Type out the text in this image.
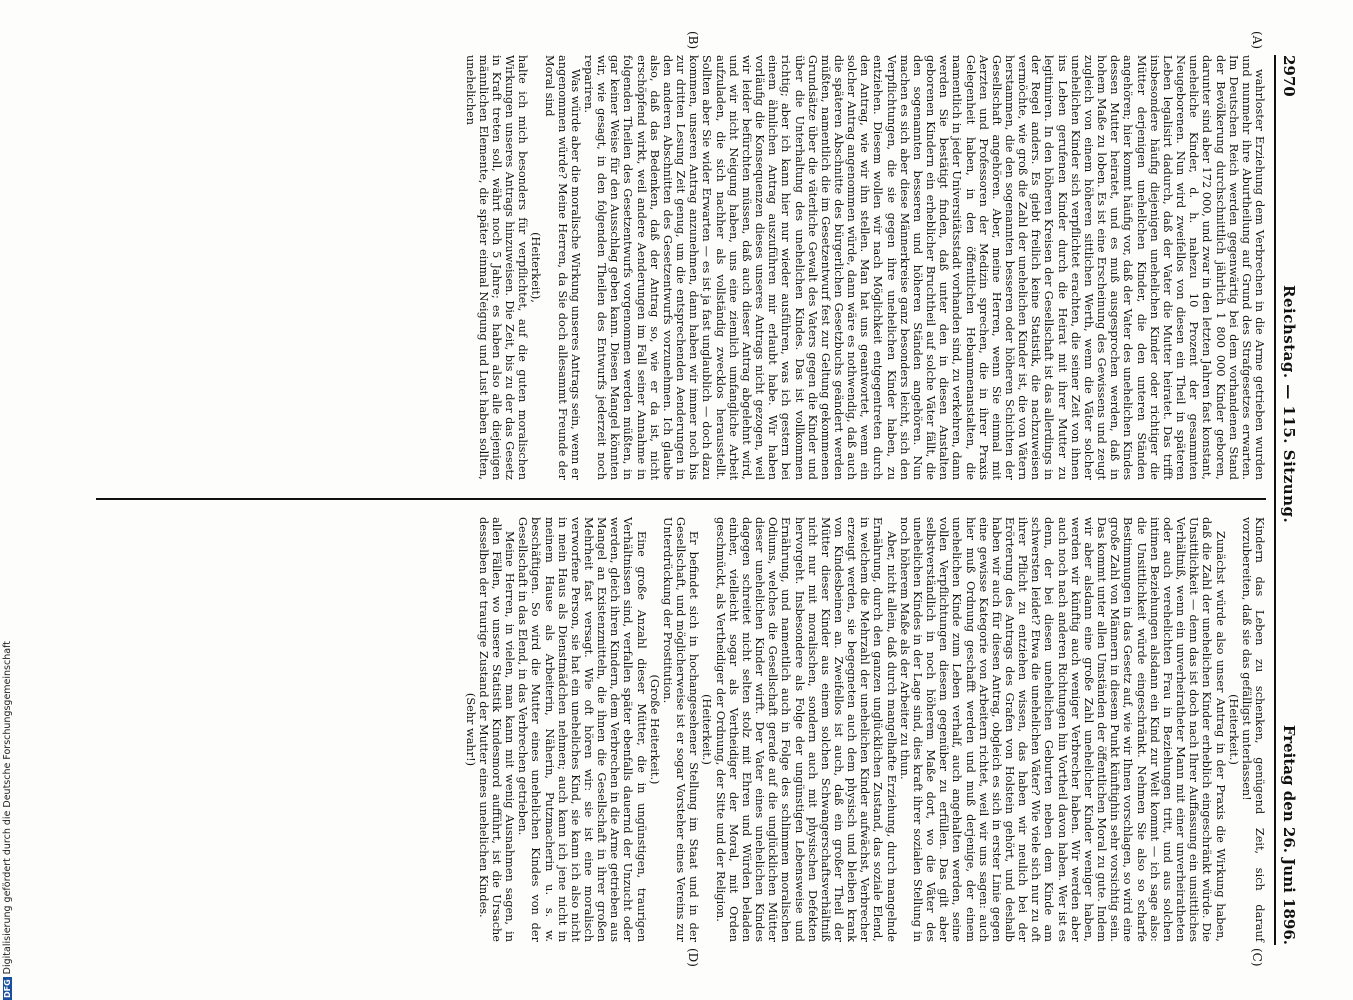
2970
Reichstag. — 115. Sitzung.
Freitag den 26. Juni 1896.
(A)
(B)
(C)
(D)

wahrloster Erziehung dem Verbrechen in die Arme getrieben wurden und nunmehr ihre Aburtheilung auf Grund des Strafgesetzes erwarten. Im Deutschen Reich werden gegenwärtig bei dem vorhandenen Stand der Bevölkerung durchschnittlich jährlich 1 800 000 Kinder geboren, darunter sind aber 172 000, und zwar in den letzten Jahren fast konstant, uneheliche Kinder, d. h. nahezu 10 Prozent der gesammten Neugeborenen. Nun wird zweifellos von diesen ein Theil in späteren Leben legalisirt dadurch, daß der Vater die Mutter heiratet. Das trifft insbesondere häufig diejenigen unehelichen Kinder oder richtiger die Mütter derjenigen unehelichen Kinder, die den unteren Ständen angehören; hier kommt häufig vor, daß der Vater des unehelichen Kindes dessen Mutter heiratet, und es muß ausgesprochen werden, daß in hohem Maße zu loben. Es ist eine Erscheinung des Gewissens und zeugt zugleich von einem höheren sittlichen Werth, wenn die Väter solcher unehelichen Kinder sich verpflichtet erachten, die seiner Zeit von ihnen ins Leben gerufenen Kinder durch die Heirat mit ihrer Mutter zu legitimiren. In den höheren Kreisen der Gesellschaft ist das allerdings in der Regel anders. Es giebt freilich keine Statistik, die nachzuweisen vermöchte, wie groß die Zahl der unehelichen Kinder ist, die von Vätern herstammen, die den sogenannten besseren oder höheren Schichten der Gesellschaft angehören. Aber, meine Herren, wenn Sie einmal mit Aerzten und Professoren der Medizin sprechen, die in ihrer Praxis Gelegenheit haben, in den öffentlichen Hebammenanstalten, die namentlich in jeder Universitätsstadt vorhanden sind, zu verkehren, dann werden Sie bestätigt finden, daß unter den in diesen Anstalten geborenen Kindern ein erheblicher Bruchtheil auf solche Väter fällt, die den sogenannten besseren und höheren Ständen angehören. Nun machen es sich aber diese Männerkreise ganz besonders leicht, sich den Verpflichtungen, die sie gegen ihre unehelichen Kinder haben, zu entziehen. Diesem wollen wir nach Möglichkeit entgegentreten durch den Antrag, wie wir ihn stellen. Man hat uns geantwortet, wenn ein solcher Antrag angenommen würde, dann wäre es nothwendig, daß auch die späteren Abschnitte des bürgerlichen Gesetzbuchs geändert werden müßten, namentlich die im Gesetzentwurf fest zur Geltung gekommenen Grundsätze über die väterliche Gewalt des Vaters gegen die Kinder und über die Unterhaltung des unehelichen Kindes. Das ist vollkommen richtig; aber ich kann hier nur wieder ausführen, was ich gestern bei einem ähnlichen Antrag auszuführen mir erlaubt habe. Wir haben vorläufig die Konsequenzen dieses unseres Antrags nicht gezogen, weil wir leider befürchten müssen, daß auch dieser Antrag abgelehnt wird, und wir nicht Neigung haben, uns eine ziemlich umfangliche Arbeit aufzuladen, die sich nachher als vollständig zwecklos herausstellt. Sollten aber Sie wider Erwarten — es ist ja fast unglaublich — doch dazu kommen, unseren Antrag anzunehmen, dann haben wir immer noch bis zur dritten Lesung Zeit genug, um die entsprechenden Aenderungen in den anderen Abschnitten des Gesetzentwurfs vorzunehmen. Ich glaube also, daß das Bedenken, daß der Antrag so, wie er da ist, nicht erschöpfend wirkt, weil andere Aenderungen im Fall seiner Annahme in folgenden Theilen des Gesetzentwurfs vorgenommen werden müßten, in gar keiner Weise für den Ausschlag geben kann. Diesen Mangel könnten wir, wie gesagt, in den folgenden Theilen des Entwurfs jederzeit noch repariren.

Was würde aber die moralische Wirkung unseres Antrags sein, wenn er angenommen würde? Meine Herren, da Sie doch allesammt Freunde der Moral sind

(Heiterkeit),

halte ich mich besonders für verpflichtet, auf die guten moralischen Wirkungen unseres Antrags hinzuweisen. Die Zeit, bis zu der das Gesetz in Kraft treten soll, währt noch 5 Jahre; es haben also alle diejenigen männlichen Elemente, die später einmal Neigung und Lust haben sollten, unehelichen

Kindern das Leben zu schenken, genügend Zeit, sich darauf vorzubereiten, daß sie das gefälligst unterlassen!

(Heiterkeit.)

Zunächst würde also unser Antrag in der Praxis die Wirkung haben, daß die Zahl der unehelichen Kinder erheblich eingeschränkt würde. Die Unsittlichkeit — denn das ist doch nach Ihrer Auffassung ein unsittliches Verhältniß, wenn ein unverheiratheter Mann mit einer unverheiratheten oder auch verehelichten Frau in Beziehungen tritt, und aus solchen intimen Beziehungen alsdann ein Kind zur Welt kommt — ich sage also: die Unsittlichkeit würde eingeschränkt. Nehmen Sie also so scharfe Bestimmungen in das Gesetz auf, wie wir Ihnen vorschlagen, so wird eine große Zahl von Männern in diesem Punkt künftighin sehr vorsichtig sein. Das kommt unter allen Umständen der öffentlichen Moral zu gute. Indem wir aber alsdann eine große Zahl unehelicher Kinder weniger haben, werden wir künftig auch weniger Verbrecher haben. Wir werden aber auch noch nach anderen Richtungen hin Vortheil davon haben. Wer ist es denn, der bei diesen unehelichen Geburten neben dem Kinde am schwersten leidet? Etwa die unehelichen Väter? Wie viele sich nur zu oft ihrer Pflicht zu entziehen wissen, das haben wir neulich bei der Erörterung des Antrags des Grafen von Holstein gehört, und deshalb haben wir auch für diesen Antrag, obgleich es sich in erster Linie gegen eine gewisse Kategorie von Arbeitern richtet, weil wir uns sagen: auch hier muß Ordnung geschafft werden und muß derjenige, der einem unehelichen Kinde zum Leben verhalf, auch angehalten werden, seine vollen Verpflichtungen diesem gegenüber zu erfüllen. Das gilt aber selbstverständlich in noch höherem Maße dort, wo die Väter des unehelichen Kindes in der Lage sind, dies kraft ihrer sozialen Stellung in noch höherem Maße als der Arbeiter zu thun.

Aber, nicht allein, daß durch mangelhafte Erziehung, durch mangelnde Ernährung, durch den ganzen unglücklichen Zustand, das soziale Elend, in welchem die Mehrzahl der unehelichen Kinder aufwächst, Verbrecher erzeugt werden, sie begegneten auch dem physisch und bleiben krank von Kindesbeinen an. Zweifellos ist auch, daß ein großer Theil der Mütter dieser Kinder aus einem solchen Schwangerschaftsverhältniß nicht nur mit moralischen, sondern auch mit physischen Defekten hervorgeht. Insbesondere als Folge der ungünstigen Lebensweise und Ernährung, und namentlich auch in Folge des schlimmen moralischen Odiums, welches die Gesellschaft gerade auf die unglücklichen Mütter dieser unehelichen Kinder wirft. Der Vater eines unehelichen Kindes dagegen schreitet nicht selten stolz mit Ehren und Würden beladen einher, vielleicht sogar als Vertheidiger der Moral, mit Orden geschmückt, als Vertheidiger der Ordnung, der Sitte und der Religion.

(Heiterkeit.)

Er befindet sich in hochangesehener Stellung im Staat und in der Gesellschaft, und möglicherweise ist er sogar Vorsteher eines Vereins zur Unterdrückung der Prostitution.

(Große Heiterkeit.)

Eine große Anzahl dieser Mütter, die in ungünstigen, traurigen Verhältnissen sind, verfallen später ebenfalls dauernd der Unzucht oder werden, gleich ihren Kindern, dem Verbrechen in die Arme getrieben aus Mangel an Existenzmitteln, die ihnen die Gesellschaft in ihrer großen Mehrheit fast versagt. Wie oft hören wir: sie ist eine moralisch verworfene Person, sie hat ein uneheliches Kind, sie kann ich also nicht in mein Haus als Dienstmädchen nehmen; auch kann ich jene nicht in meinem Hause als Arbeiterin, Näherin, Putzmacherin u. s. w. beschäftigen. So wird die Mutter eines unehelichen Kindes von der Gesellschaft in das Elend, in das Verbrechen getrieben.

Meine Herren, in vielen, man kann mit wenig Ausnahmen sagen, in allen Fällen, wo unsere Statistik Kindesmord aufführt, ist die Ursache desselben der traurige Zustand der Mutter eines unehelichen Kindes.

(Sehr wahr!)

DFGDigitalisierung gefördert durch die Deutsche Forschungsgemeinschaft
